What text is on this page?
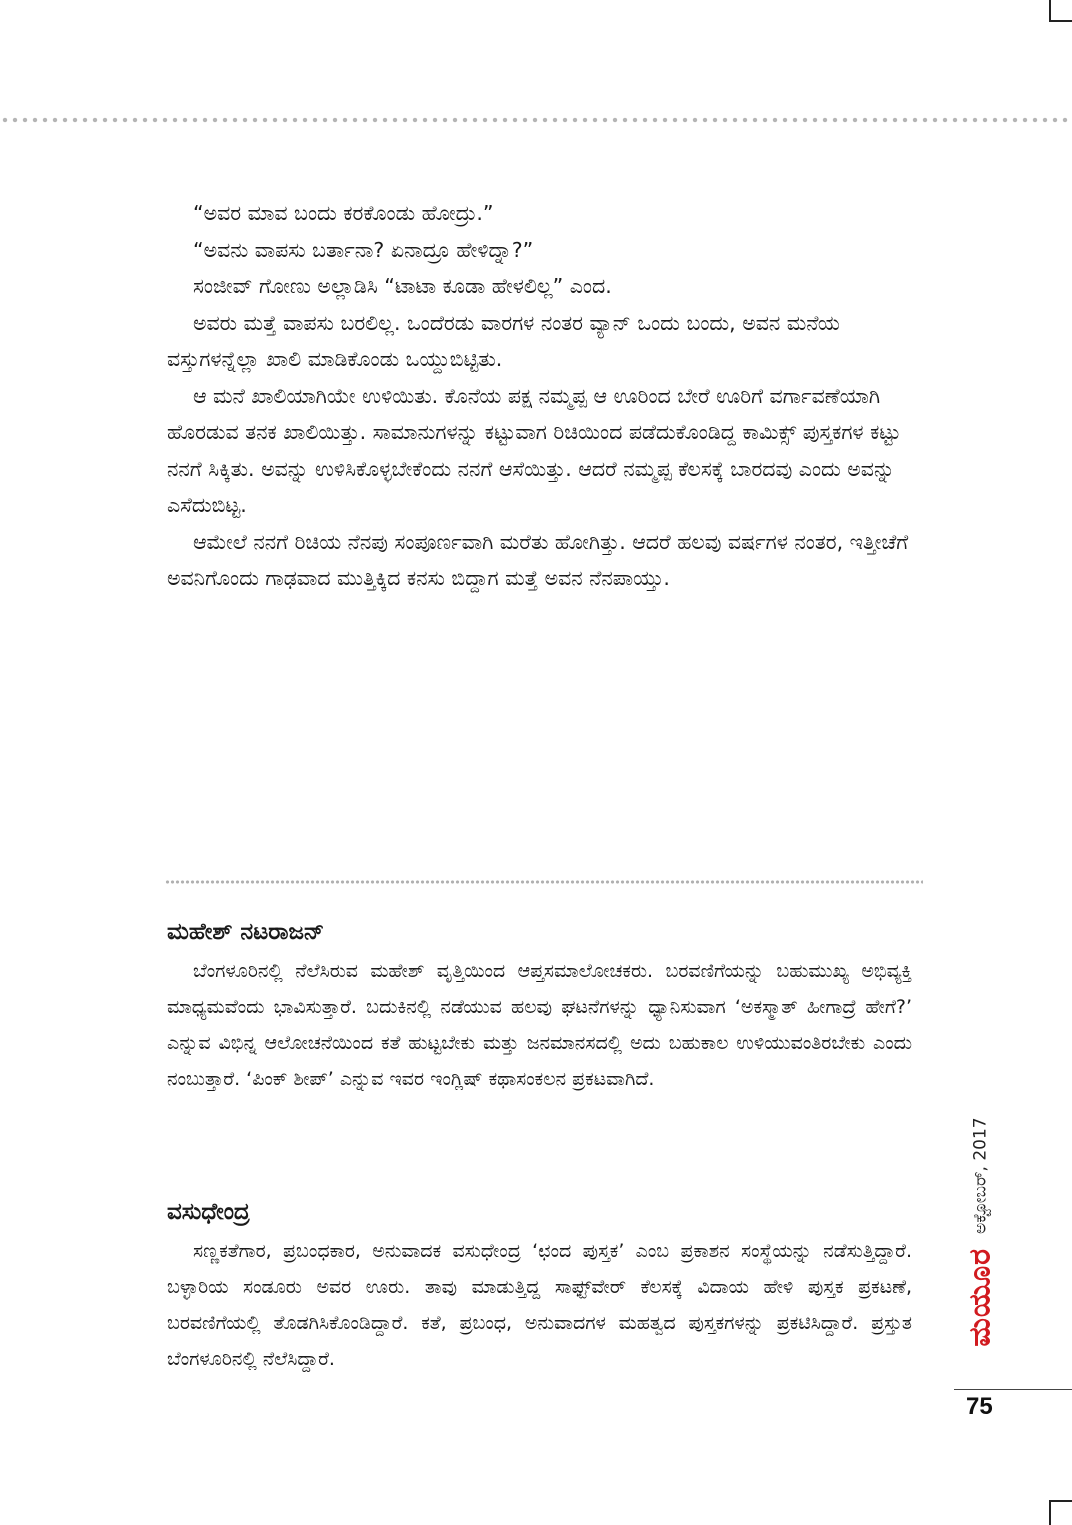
“ಅವರ ಮಾವ ಬಂದು ಕರಕೊಂಡು ಹೋದ್ರು.”

“ಅವನು ವಾಪಸು ಬರ್ತಾನಾ? ಏನಾದ್ರೂ ಹೇಳಿದ್ನಾ?”

ಸಂಜೀವ್ ಗೋಣು ಅಲ್ಲಾಡಿಸಿ “ಟಾಟಾ ಕೂಡಾ ಹೇಳಲಿಲ್ಲ” ಎಂದ.

ಅವರು ಮತ್ತೆ ವಾಪಸು ಬರಲಿಲ್ಲ. ಒಂದೆರಡು ವಾರಗಳ ನಂತರ ವ್ಯಾನ್ ಒಂದು ಬಂದು, ಅವನ ಮನೆಯ ವಸ್ತುಗಳನ್ನೆಲ್ಲಾ ಖಾಲಿ ಮಾಡಿಕೊಂಡು ಒಯ್ದುಬಿಟ್ಟಿತು.

ಆ ಮನೆ ಖಾಲಿಯಾಗಿಯೇ ಉಳಿಯಿತು. ಕೊನೆಯ ಪಕ್ಷ ನಮ್ಮಪ್ಪ ಆ ಊರಿಂದ ಬೇರೆ ಊರಿಗೆ ವರ್ಗಾವಣೆಯಾಗಿ ಹೊರಡುವ ತನಕ ಖಾಲಿಯಿತ್ತು. ಸಾಮಾನುಗಳನ್ನು ಕಟ್ಟುವಾಗ ರಿಚಿಯಿಂದ ಪಡೆದುಕೊಂಡಿದ್ದ ಕಾಮಿಕ್ಸ್ ಪುಸ್ತಕಗಳ ಕಟ್ಟು ನನಗೆ ಸಿಕ್ಕಿತು. ಅವನ್ನು ಉಳಿಸಿಕೊಳ್ಳಬೇಕೆಂದು ನನಗೆ ಆಸೆಯಿತ್ತು. ಆದರೆ ನಮ್ಮಪ್ಪ ಕೆಲಸಕ್ಕೆ ಬಾರದವು ಎಂದು ಅವನ್ನು ಎಸೆದುಬಿಟ್ಟ.

ಆಮೇಲೆ ನನಗೆ ರಿಚಿಯ ನೆನಪು ಸಂಪೂರ್ಣವಾಗಿ ಮರೆತು ಹೋಗಿತ್ತು. ಆದರೆ ಹಲವು ವರ್ಷಗಳ ನಂತರ, ಇತ್ತೀಚೆಗೆ ಅವನಿಗೊಂದು ಗಾಢವಾದ ಮುತ್ತಿಕ್ಕಿದ ಕನಸು ಬಿದ್ದಾಗ ಮತ್ತೆ ಅವನ ನೆನಪಾಯ್ತು.

ಮಹೇಶ್ ನಟರಾಜನ್

ಬೆಂಗಳೂರಿನಲ್ಲಿ ನೆಲೆಸಿರುವ ಮಹೇಶ್ ವೃತ್ತಿಯಿಂದ ಆಪ್ತಸಮಾಲೋಚಕರು. ಬರವಣಿಗೆಯನ್ನು ಬಹುಮುಖ್ಯ ಅಭಿವ್ಯಕ್ತಿ ಮಾಧ್ಯಮವೆಂದು ಭಾವಿಸುತ್ತಾರೆ. ಬದುಕಿನಲ್ಲಿ ನಡೆಯುವ ಹಲವು ಘಟನೆಗಳನ್ನು ಧ್ಯಾನಿಸುವಾಗ ‘ಅಕಸ್ಮಾತ್ ಹೀಗಾದ್ರೆ ಹೇಗೆ?’ ಎನ್ನುವ ವಿಭಿನ್ನ ಆಲೋಚನೆಯಿಂದ ಕತೆ ಹುಟ್ಟಬೇಕು ಮತ್ತು ಜನಮಾನಸದಲ್ಲಿ ಅದು ಬಹುಕಾಲ ಉಳಿಯುವಂತಿರಬೇಕು ಎಂದು ನಂಬುತ್ತಾರೆ. ‘ಪಿಂಕ್ ಶೀಪ್’ ಎನ್ನುವ ಇವರ ಇಂಗ್ಲಿಷ್ ಕಥಾಸಂಕಲನ ಪ್ರಕಟವಾಗಿದೆ.

ವಸುಧೇಂದ್ರ

ಸಣ್ಣಕತೆಗಾರ, ಪ್ರಬಂಧಕಾರ, ಅನುವಾದಕ ವಸುಧೇಂದ್ರ ‘ಛಂದ ಪುಸ್ತಕ’ ಎಂಬ ಪ್ರಕಾಶನ ಸಂಸ್ಥೆಯನ್ನು ನಡೆಸುತ್ತಿದ್ದಾರೆ. ಬಳ್ಳಾರಿಯ ಸಂಡೂರು ಅವರ ಊರು. ತಾವು ಮಾಡುತ್ತಿದ್ದ ಸಾಫ್ಟ್‌ವೇರ್ ಕೆಲಸಕ್ಕೆ ವಿದಾಯ ಹೇಳಿ ಪುಸ್ತಕ ಪ್ರಕಟಣೆ, ಬರವಣಿಗೆಯಲ್ಲಿ ತೊಡಗಿಸಿಕೊಂಡಿದ್ದಾರೆ. ಕತೆ, ಪ್ರಬಂಧ, ಅನುವಾದಗಳ ಮಹತ್ವದ ಪುಸ್ತಕಗಳನ್ನು ಪ್ರಕಟಿಸಿದ್ದಾರೆ. ಪ್ರಸ್ತುತ ಬೆಂಗಳೂರಿನಲ್ಲಿ ನೆಲೆಸಿದ್ದಾರೆ.

ಮಯೂರ
ಅಕ್ಟೋಬರ್, 2017
75
